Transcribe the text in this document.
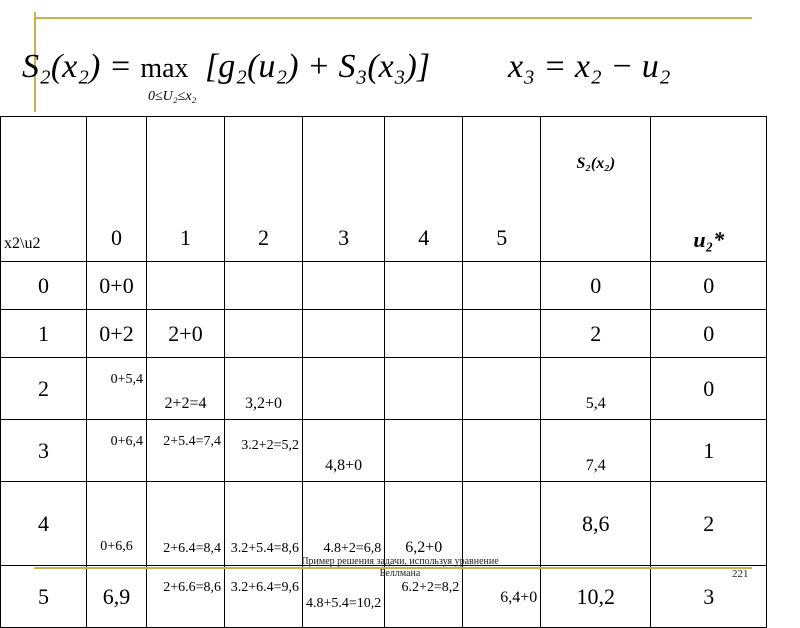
S₂(x₂) = max [g₂(u₂) + S₃(x₃)]
0≤U₂≤x₂
x₃ = x₂ − u₂
x2\u2	0	1	2	3	4	5	S₂(x₂)	u₂*
0	0+0						0	0
1	0+2	2+0					2	0
2	0+5,4	2+2=4	3,2+0				5,4	0
3	0+6,4	2+5.4=7,4	3.2+2=5,2	4,8+0			7,4	1
4	0+6,6	2+6.4=8,4	3.2+5.4=8,6	4.8+2=6,8	6,2+0		8,6	2
5	6,9	2+6.6=8,6	3.2+6.4=9,6	4.8+5.4=10,2	6.2+2=8,2	6,4+0	10,2	3
Пример решения задачи, используя уравнение Беллмана	221
